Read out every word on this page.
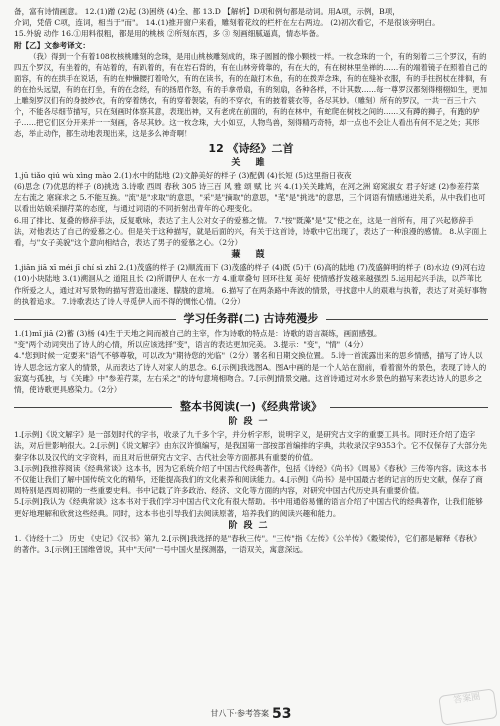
备，富有诗情画意。 12.(1)蹭 (2)起 (3)困绕 (4)全、都 13.D 【解析】D项和例句都是动词。用A项，示例，B项，

介词，凭借 C项，连词，相当于"而"。 14.(1)推开窗户来看，雕刻着花纹的栏杆在左右两边。 (2)初次看它，不是很该旁明白。

15.外貌 动作 16.①用料很粗，都是用的桃核 ②所刻东西，多 ③ 刻画细腻逼真，情态毕备。

附【乙】文参考译文：

（我）得到一个有着108枚核桃雕刻的念珠，是用山桃核雕刻成的，珠子圆圆的像小颗枝一样。一枚念珠的一个，有的刻着二三个罗汉，有的四五个罗汉，有坐着的，有站着的，有趴着的，有在岩石背的，有在山林旁倚靠的，有在大的，有在树林里坐禅的……有的端着镜子在照着自己的面容，有的在拱手在说话，有的在伸懒腰打着哈欠，有的在读书，有的在敲打木鱼，有的在拨弄念珠，有的在缝补衣服，有的手拄拐杖在徘徊，有的在抬头远望，有的在打坐，有的在念经，有的扬眉作怒，有的手拿帚扇，有的刻扇，各种各样，不计其数……每一尊罗汉都刻得栩栩如生，更加上雕刻罗汉们有的身披纱衣，有的穿着绣衣，有的穿着袈裟，有的不穿衣，有的披着蓑衣等，各尽其妙。（雕刻）所有的罗汉，一共一百三十六个，不能各尽细节描写，只在刻画时体察其意，表现出神，又有老虎在前面的，有的在林中，有蛇爬在树枝之间的……又有蹲的狮子，有跑的驴子……把它们区分开来并一一刻画，各尽其妙。这一枚念珠，大小如豆，人物鸟兽，刻得精巧奇特，却一点也不会让人看出有何不足之处；其形态，举止动作，都生动地表现出来，这是多么神奇啊！

12 《诗经》二首
关 雎

1.jū tiǎo qiú wù xìng mào 2.(1)水中的陆地 (2)文静美好的样子 (3)配偶 (4)长短 (5)这里指日夜夜

(6)思念 (7)优思的样子 (8)挑选 3.诗歌 西周 春秋 305 诗三百 风 雅 颂 赋 比 兴 4.(1)关关雎鸠，在河之洲 窈窕淑女 君子好逑 (2)参差荇菜 左右流之 寤寐求之 5.不能互换。"流"是"求取"的意思，"采"是"摘取"的意思，"芼"是"挑选"的意思，三个词语有情感递进关系，从中我们也可以看出姑娘采撷荇菜的态度，与通过词语的不同折射出青年的心理变化。

6.用了排比、复叠的修辞手法，反复歌咏，表达了主人公对女子的爱慕之情。 7."按"既藻"是"艾"使之在，这是一首所有，用了兴起修辞手法，对他表达了自己的爱慕之心。但是关于这种描写，就是后面的兴，有关于这首诗，诗歌中它出现了，表达了一种浪漫的感情。 8.从字面上看，与"女子美貌"这个意向相结合，表达了男子的爱慕之心。（2分）

蒹 葭

1.jiān jiā xī méi jī chí sì zhǐ 2.(1)茂盛的样子 (2)顺流而下 (3)茂盛的样子 (4)既 (5)干 (6)高的陆地 (7)茂盛鲜明的样子 (8)水边 (9)河右边 (10)小块陆地 3.(1)溯洄从之 道阻且长 (2)所谓伊人 在水一方 4.重章叠句 回环往复 美好 使情感抒发越来越强烈 5.运用起兴手法，以芦苇比作所爱之人，通过对写景物的描写营造出凄迷、朦胧的意境。 6.描写了在两条路中奔波的情景，寻找意中人的艰难与执着，表达了对美好事物的执着追求。 7.诗歌表达了诗人寻觅伊人而不得的惆怅心情。（2分）

学习任务群(二) 古诗苑漫步

1.(1)mǐ jiā (2)蓄 (3)杨 (4)生于天地之间而被自己的主宰，作为诗歌的特点是：诗歌的语言凝练，画面感强。

"变"两个动词突出了诗人的心情，所以应该选择"变"，语言的表达更加完美。 3.提示："变"，"情"（4分）

4."您到时候一定要来"语气不够尊敬，可以改为"期待您的光临"（2分）署名和日期交换位置。 5.诗一首流露出来的思乡情感，描写了诗人以诗人思念远方家人的情景，从而表达了诗人对家人的思念。6.[示例]我选图A。图A中画的是一个人站在窗前，看着窗外的景色，表现了诗人的寂寞与孤独，与《关雎》中"参差荇菜，左右采之"的诗句意境相吻合。7.[示例]情景交融。这首诗通过对水乡景色的描写来表达诗人的思乡之情，使诗歌更具感染力。（2分）

整本书阅读(一)《经典常谈》
阶段一

1.[示例]《说文解字》是一部划时代的字书，收录了九千多个字，并分析字形，说明字义，是研究古文字的重要工具书。同时还介绍了造字法，对后世影响很大。2.[示例]《说文解字》由东汉许慎编写，是我国第一部按部首编排的字典，共收录汉字9353个。它不仅保存了大部分先秦字体以及汉代的文字资料，而且对后世研究古文字、古代社会等方面都具有重要的价值。

3.[示例]我推荐阅读《经典常谈》这本书，因为它系统介绍了中国古代经典著作，包括《诗经》《尚书》《周易》《春秋》三传等内容。读这本书不仅能让我们了解中国传统文化的精华，还能提高我们的文化素养和阅读能力。4.[示例]《尚书》是中国最古老的记言的历史文献，保存了商周特别是西周初期的一些重要史料。书中记载了许多政治、经济、文化等方面的内容，对研究中国古代历史具有重要价值。

5.[示例]我认为《经典常谈》这本书对于我们学习中国古代文化有很大帮助。书中用通俗易懂的语言介绍了中国古代的经典著作，让我们能够更好地理解和欣赏这些经典。同时，这本书也引导我们去阅读原著，培养我们的阅读兴趣和能力。

阶段二

1.《诗经十二》 历史 《史记》《汉书》第九 2.[示例]我选择的是"春秋三传"。"三传"指《左传》《公羊传》《穀梁传》，它们都是解释《春秋》的著作。3.[示例]王国维曾说，其中"天问"一号中国火星探测器，一语双关，寓意深远。

甘八下·参考答案 53
答案圈
